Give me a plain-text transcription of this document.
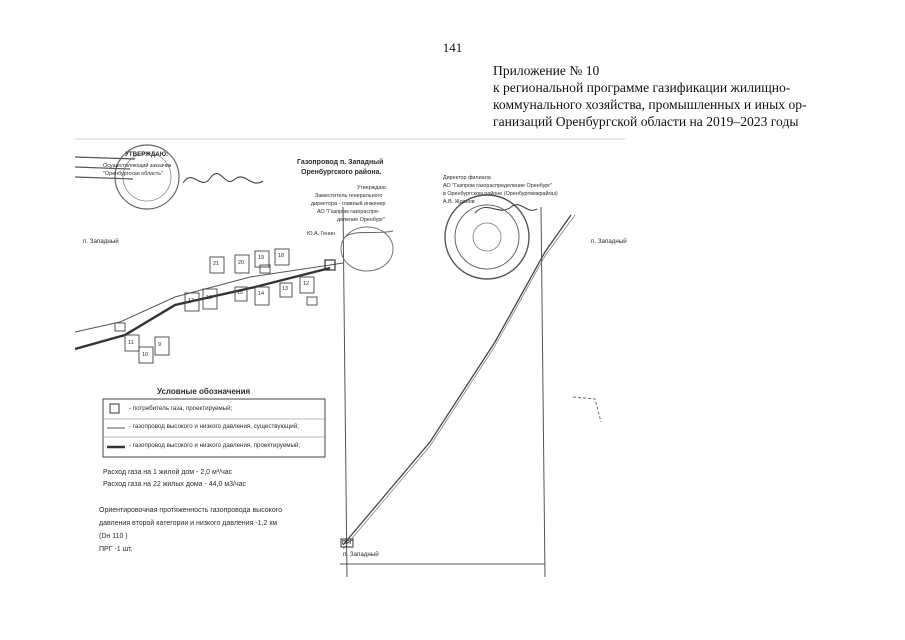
141
Приложение № 10
к региональной программе газификации жилищно-
коммунального хозяйства, промышленных и иных ор-
ганизаций Оренбургской области на 2019–2023 годы
УТВЕРЖДАЮ:
Осуществляющий заказчик
"Оренбургская область"
Газопровод п. Западный
Оренбургского района.
Утверждаю:
Заместитель генерального
директора - главный инженер
АО "Газпром газораспре-
деление Оренбург"
Ю.А. Генин
Директор филиала
АО "Газпром газораспределение Оренбург"
в Оренбургском районе (Оренбургмежрайгаз)
А.В. Жданов
п. Западный	п. Западный
п. Западный
ПРГ
21	20
19	18
17 16
15	14
13
12
11
10
9
Условные обозначения
- потребитель газа, проектируемый;
- газопровод высокого и низкого давления, существующий;
- газопровод высокого и низкого давления, проектируемый;
Расход газа на 1 жилой дом - 2,0 м³/час
Расход газа на 22 жилых дома - 44,0 м3/час
Ориентировочная протяженность газопровода высокого
давления второй категории и низкого давления -1,2 км
(Dн 110 )
ПРГ -1 шт.
